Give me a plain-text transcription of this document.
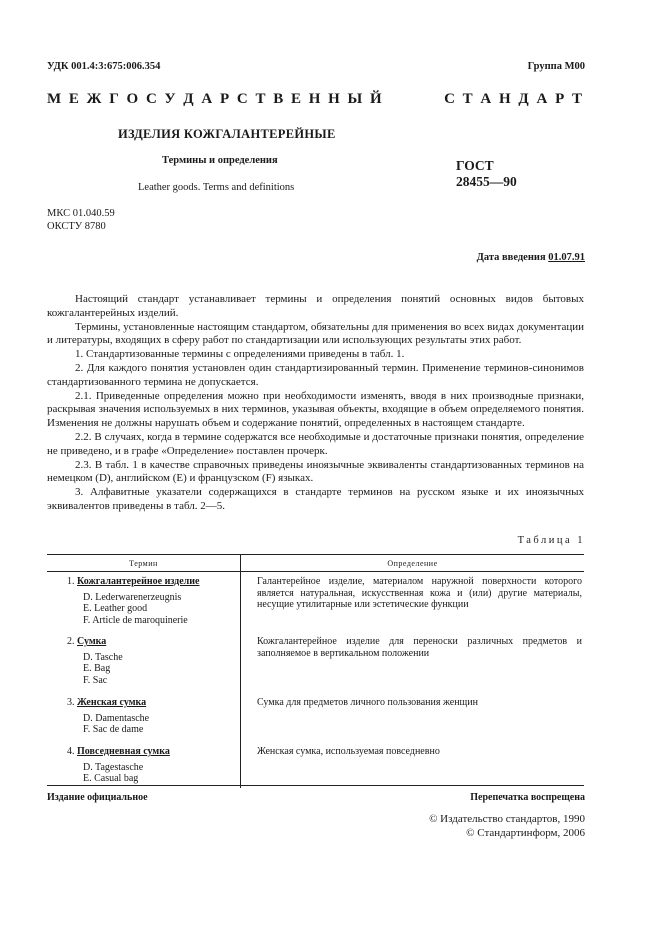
УДК 001.4:3:675:006.354	Группа М00
М Е Ж Г О С У Д А Р С Т В Е Н Н Ы Й	С Т А Н Д А Р Т
ИЗДЕЛИЯ КОЖГАЛАНТЕРЕЙНЫЕ
Термины и определения
Leather goods. Terms and definitions
ГОСТ
28455—90
МКС 01.040.59
ОКСТУ 8780
Дата введения 01.07.91

Настоящий стандарт устанавливает термины и определения понятий основных видов бытовых кожгалантерейных изделий.

Термины, установленные настоящим стандартом, обязательны для применения во всех видах документации и литературы, входящих в сферу работ по стандартизации или использующих результаты этих работ.

1. Стандартизованные термины с определениями приведены в табл. 1.

2. Для каждого понятия установлен один стандартизированный термин. Применение терминов-синонимов стандартизованного термина не допускается.

2.1. Приведенные определения можно при необходимости изменять, вводя в них производные признаки, раскрывая значения используемых в них терминов, указывая объекты, входящие в объем определяемого понятия. Изменения не должны нарушать объем и содержание понятий, определенных в настоящем стандарте.

2.2. В случаях, когда в термине содержатся все необходимые и достаточные признаки понятия, определение не приведено, и в графе «Определение» поставлен прочерк.

2.3. В табл. 1 в качестве справочных приведены иноязычные эквиваленты стандартизованных терминов на немецком (D), английском (E) и французском (F) языках.

3. Алфавитные указатели содержащихся в стандарте терминов на русском языке и их иноязычных эквивалентов приведены в табл. 2—5.

Таблица 1
Термин	Определение

1. Кожгалантерейное изделие
D. Lederwarenerzeugnis
E. Leather good
F. Article de maroquinerie	Галантерейное изделие, материалом наружной поверхности которого является натуральная, искусственная кожа и (или) другие материалы, несущие утилитарные или эстетические функции

2. Сумка
D. Tasche
E. Bag
F. Sac	Кожгалантерейное изделие для переноски различных предметов и заполняемое в вертикальном положении

3. Женская сумка
D. Damentasche
F. Sac de dame	Сумка для предметов личного пользования женщин

4. Повседневная сумка
D. Tagestasche
E. Casual bag	Женская сумка, используемая повседневно
Издание официальное	Перепечатка воспрещена
© Издательство стандартов, 1990
© Стандартинформ, 2006
